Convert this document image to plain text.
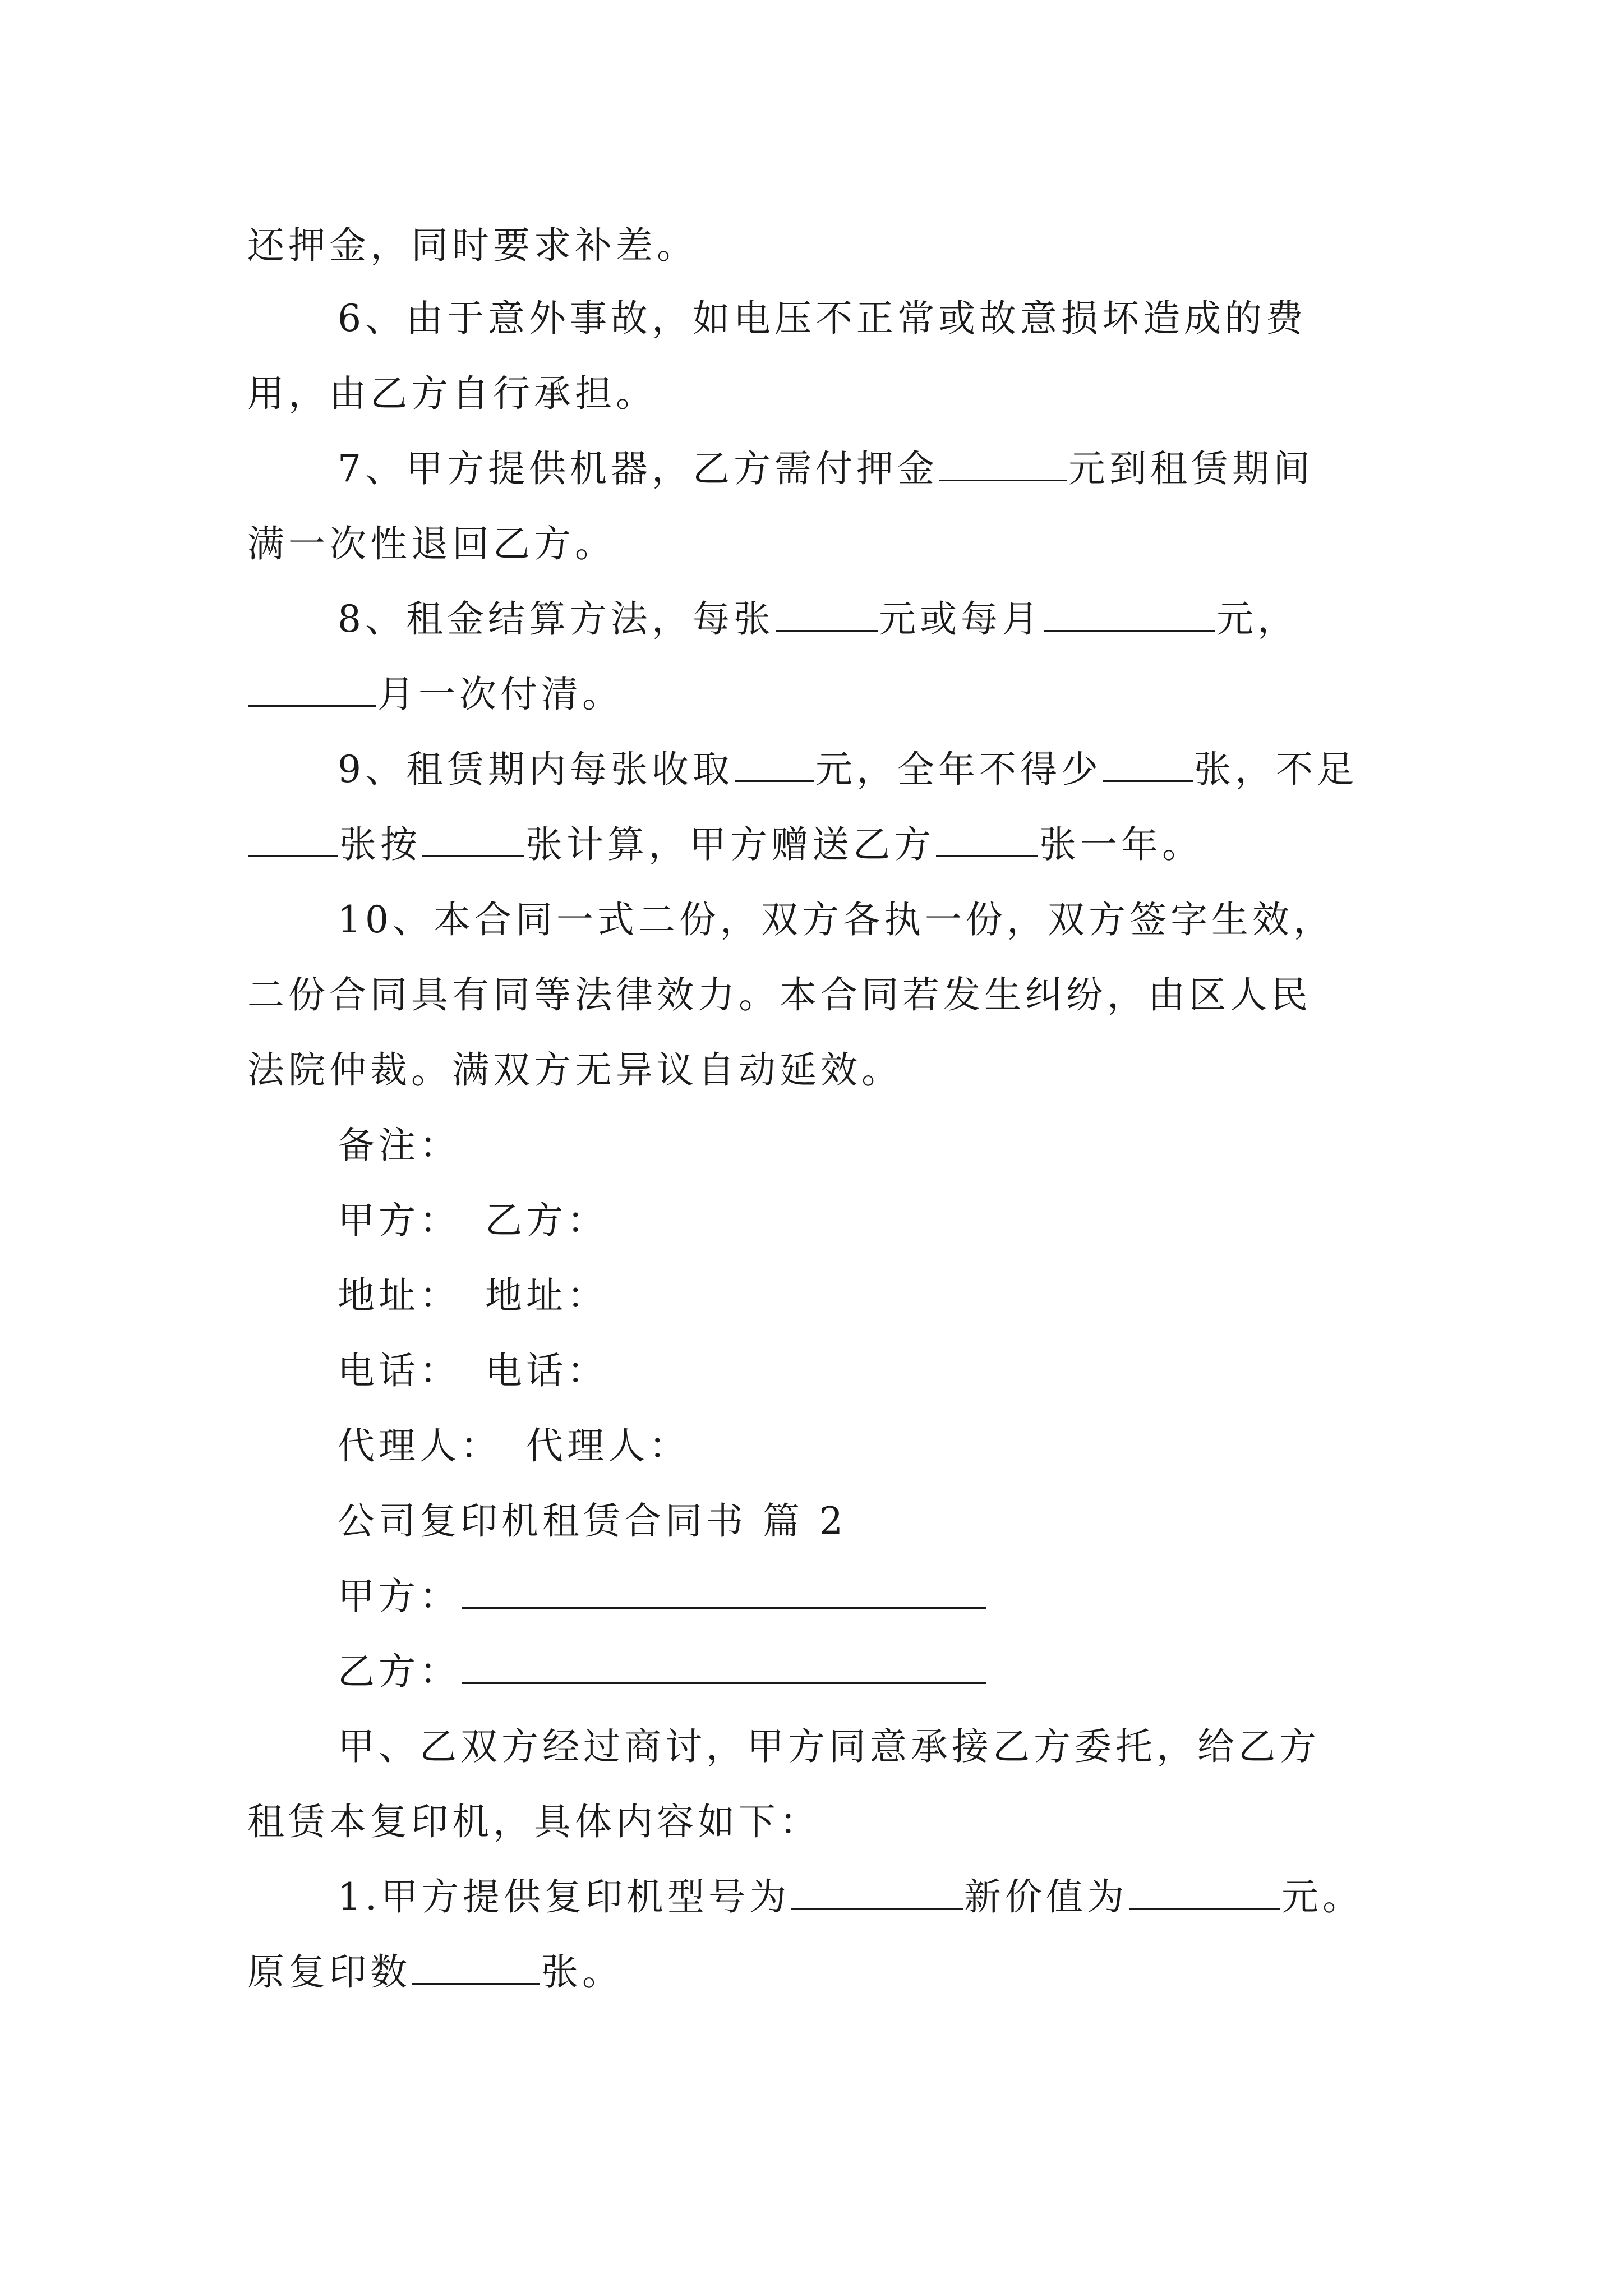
还押金，同时要求补差。
6、由于意外事故，如电压不正常或故意损坏造成的费
用，由乙方自行承担。
7、甲方提供机器，乙方需付押金	元到租赁期间
满一次性退回乙方。
8、租金结算方法，每张	元或每月	元，
月一次付清。
9、租赁期内每张收取 元，全年不得少 张，不足
张按	张计算，甲方赠送乙方	张一年。
10、本合同一式二份，双方各执一份，双方签字生效，
二份合同具有同等法律效力。本合同若发生纠纷，由区人民
法院仲裁。满双方无异议自动延效。
备注：
甲方： 乙方：
地址： 地址：
电话： 电话：
代理人： 代理人：
公司复印机租赁合同书 篇 2
甲方：
乙方：
甲、乙双方经过商讨，甲方同意承接乙方委托，给乙方
租赁本复印机，具体内容如下：
1.甲方提供复印机型号为	新价值为	元。
原复印数	张。
